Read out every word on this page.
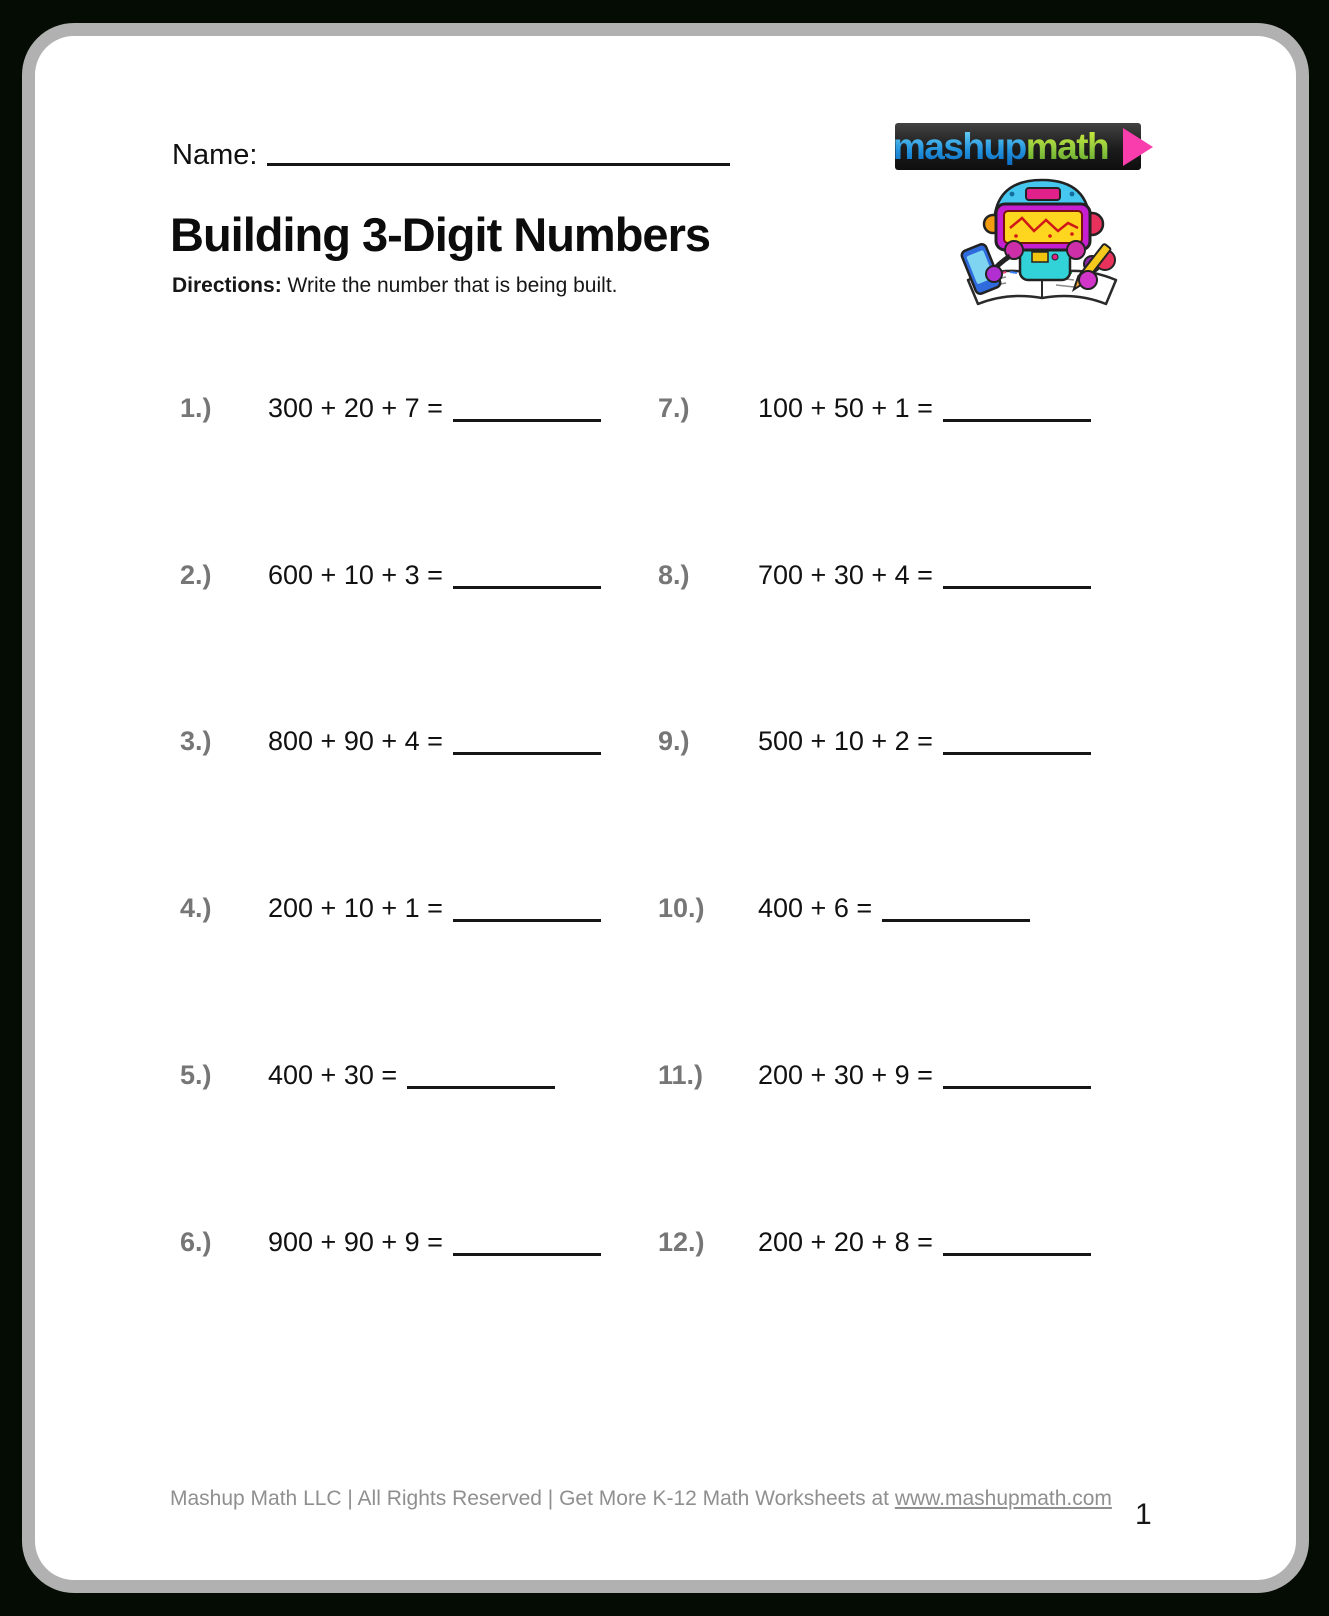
Name:
Building 3-Digit Numbers
Directions: Write the number that is being built.
mashup math
1.) 300 + 20 + 7 =
2.) 600 + 10 + 3 =
3.) 800 + 90 + 4 =
4.) 200 + 10 + 1 =
5.) 400 + 30 =
6.) 900 + 90 + 9 =
7.)	100 + 50 + 1 =
8.)	700 + 30 + 4 =
9.)	500 + 10 + 2 =
10.) 400 + 6 =
11.) 200 + 30 + 9 =
12.) 200 + 20 + 8 =
Mashup Math LLC | All Rights Reserved | Get More K-12 Math Worksheets at www.mashupmath.com 1
